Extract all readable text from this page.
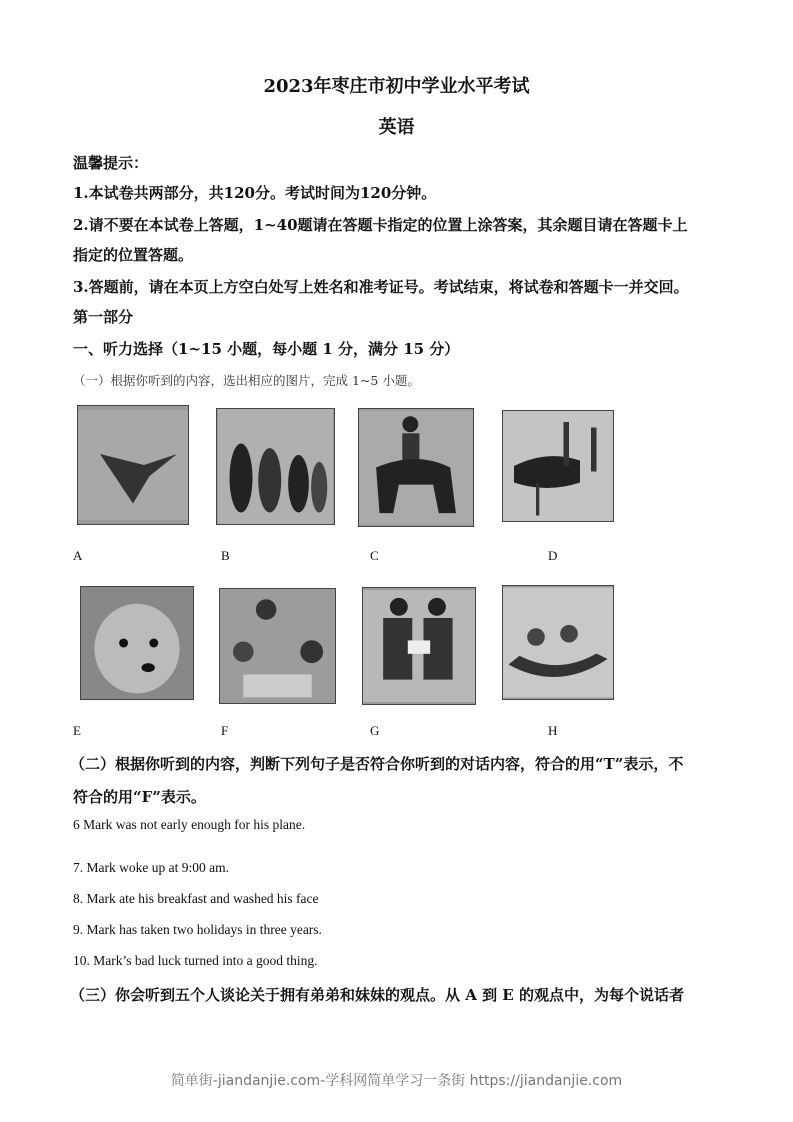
2023年枣庄市初中学业水平考试
英语
温馨提示：
1.本试卷共两部分，共120分。考试时间为120分钟。
2.请不要在本试卷上答题，1~40题请在答题卡指定的位置上涂答案，其余题目请在答题卡上
指定的位置答题。
3.答题前，请在本页上方空白处写上姓名和准考证号。考试结束，将试卷和答题卡一并交回。
第一部分
一、听力选择（1~15 小题，每小题 1 分，满分 15 分）
（一）根据你听到的内容，选出相应的图片，完成 1~5 小题。
A	B	C	D
E	F	G	H
（二）根据你听到的内容，判断下列句子是否符合你听到的对话内容，符合的用“T”表示，不
符合的用“F”表示。
6 Mark was not early enough for his plane.
7. Mark woke up at 9:00 am.
8. Mark ate his breakfast and washed his face
9. Mark has taken two holidays in three years.
10. Mark’s bad luck turned into a good thing.
（三）你会听到五个人谈论关于拥有弟弟和妹妹的观点。从 A 到 E 的观点中，为每个说话者
简单街-jiandanjie.com-学科网简单学习一条街 https://jiandanjie.com
